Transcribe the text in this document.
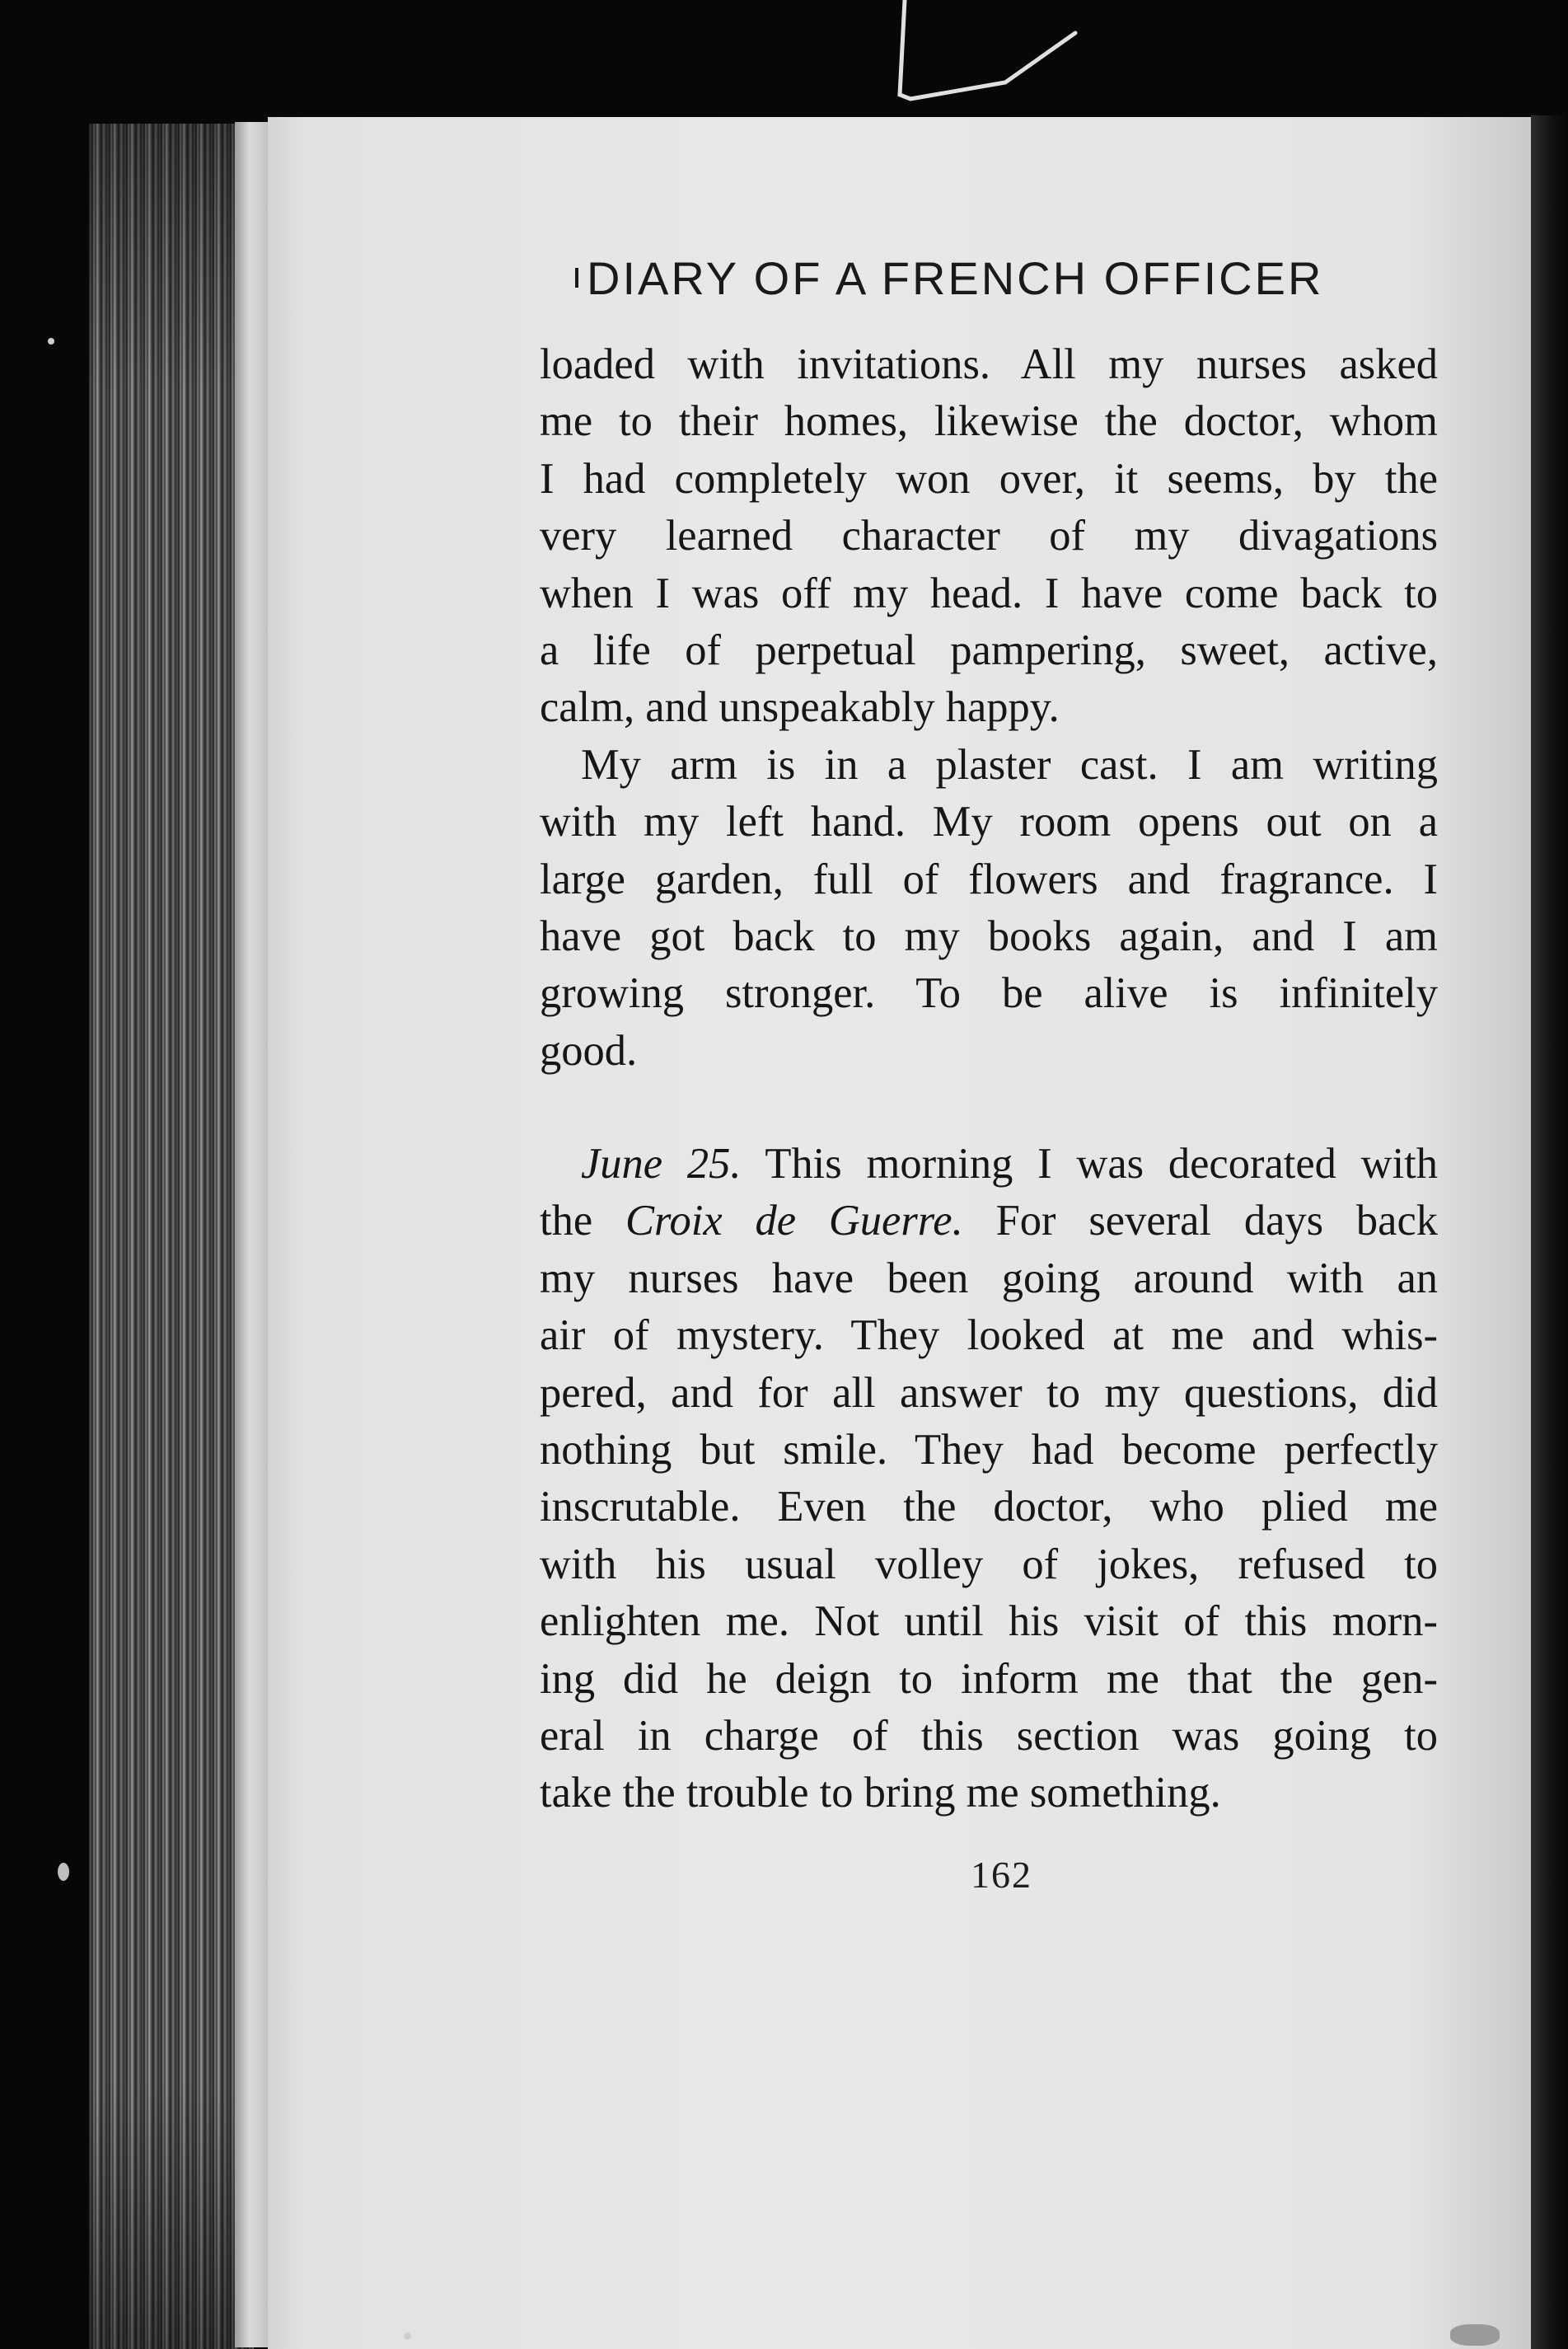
DIARY OF A FRENCH OFFICER
loaded with invitations. All my nurses asked
me to their homes, likewise the doctor, whom
I had completely won over, it seems, by the
very learned character of my divagations
when I was off my head. I have come back to
a life of perpetual pampering, sweet, active,
calm, and unspeakably happy.
My arm is in a plaster cast. I am writing
with my left hand. My room opens out on a
large garden, full of flowers and fragrance. I
have got back to my books again, and I am
growing stronger. To be alive is infinitely
good.
June 25. This morning I was decorated with
the Croix de Guerre. For several days back
my nurses have been going around with an
air of mystery. They looked at me and whis-
pered, and for all answer to my questions, did
nothing but smile. They had become perfectly
inscrutable. Even the doctor, who plied me
with his usual volley of jokes, refused to
enlighten me. Not until his visit of this morn-
ing did he deign to inform me that the gen-
eral in charge of this section was going to
take the trouble to bring me something.
162
